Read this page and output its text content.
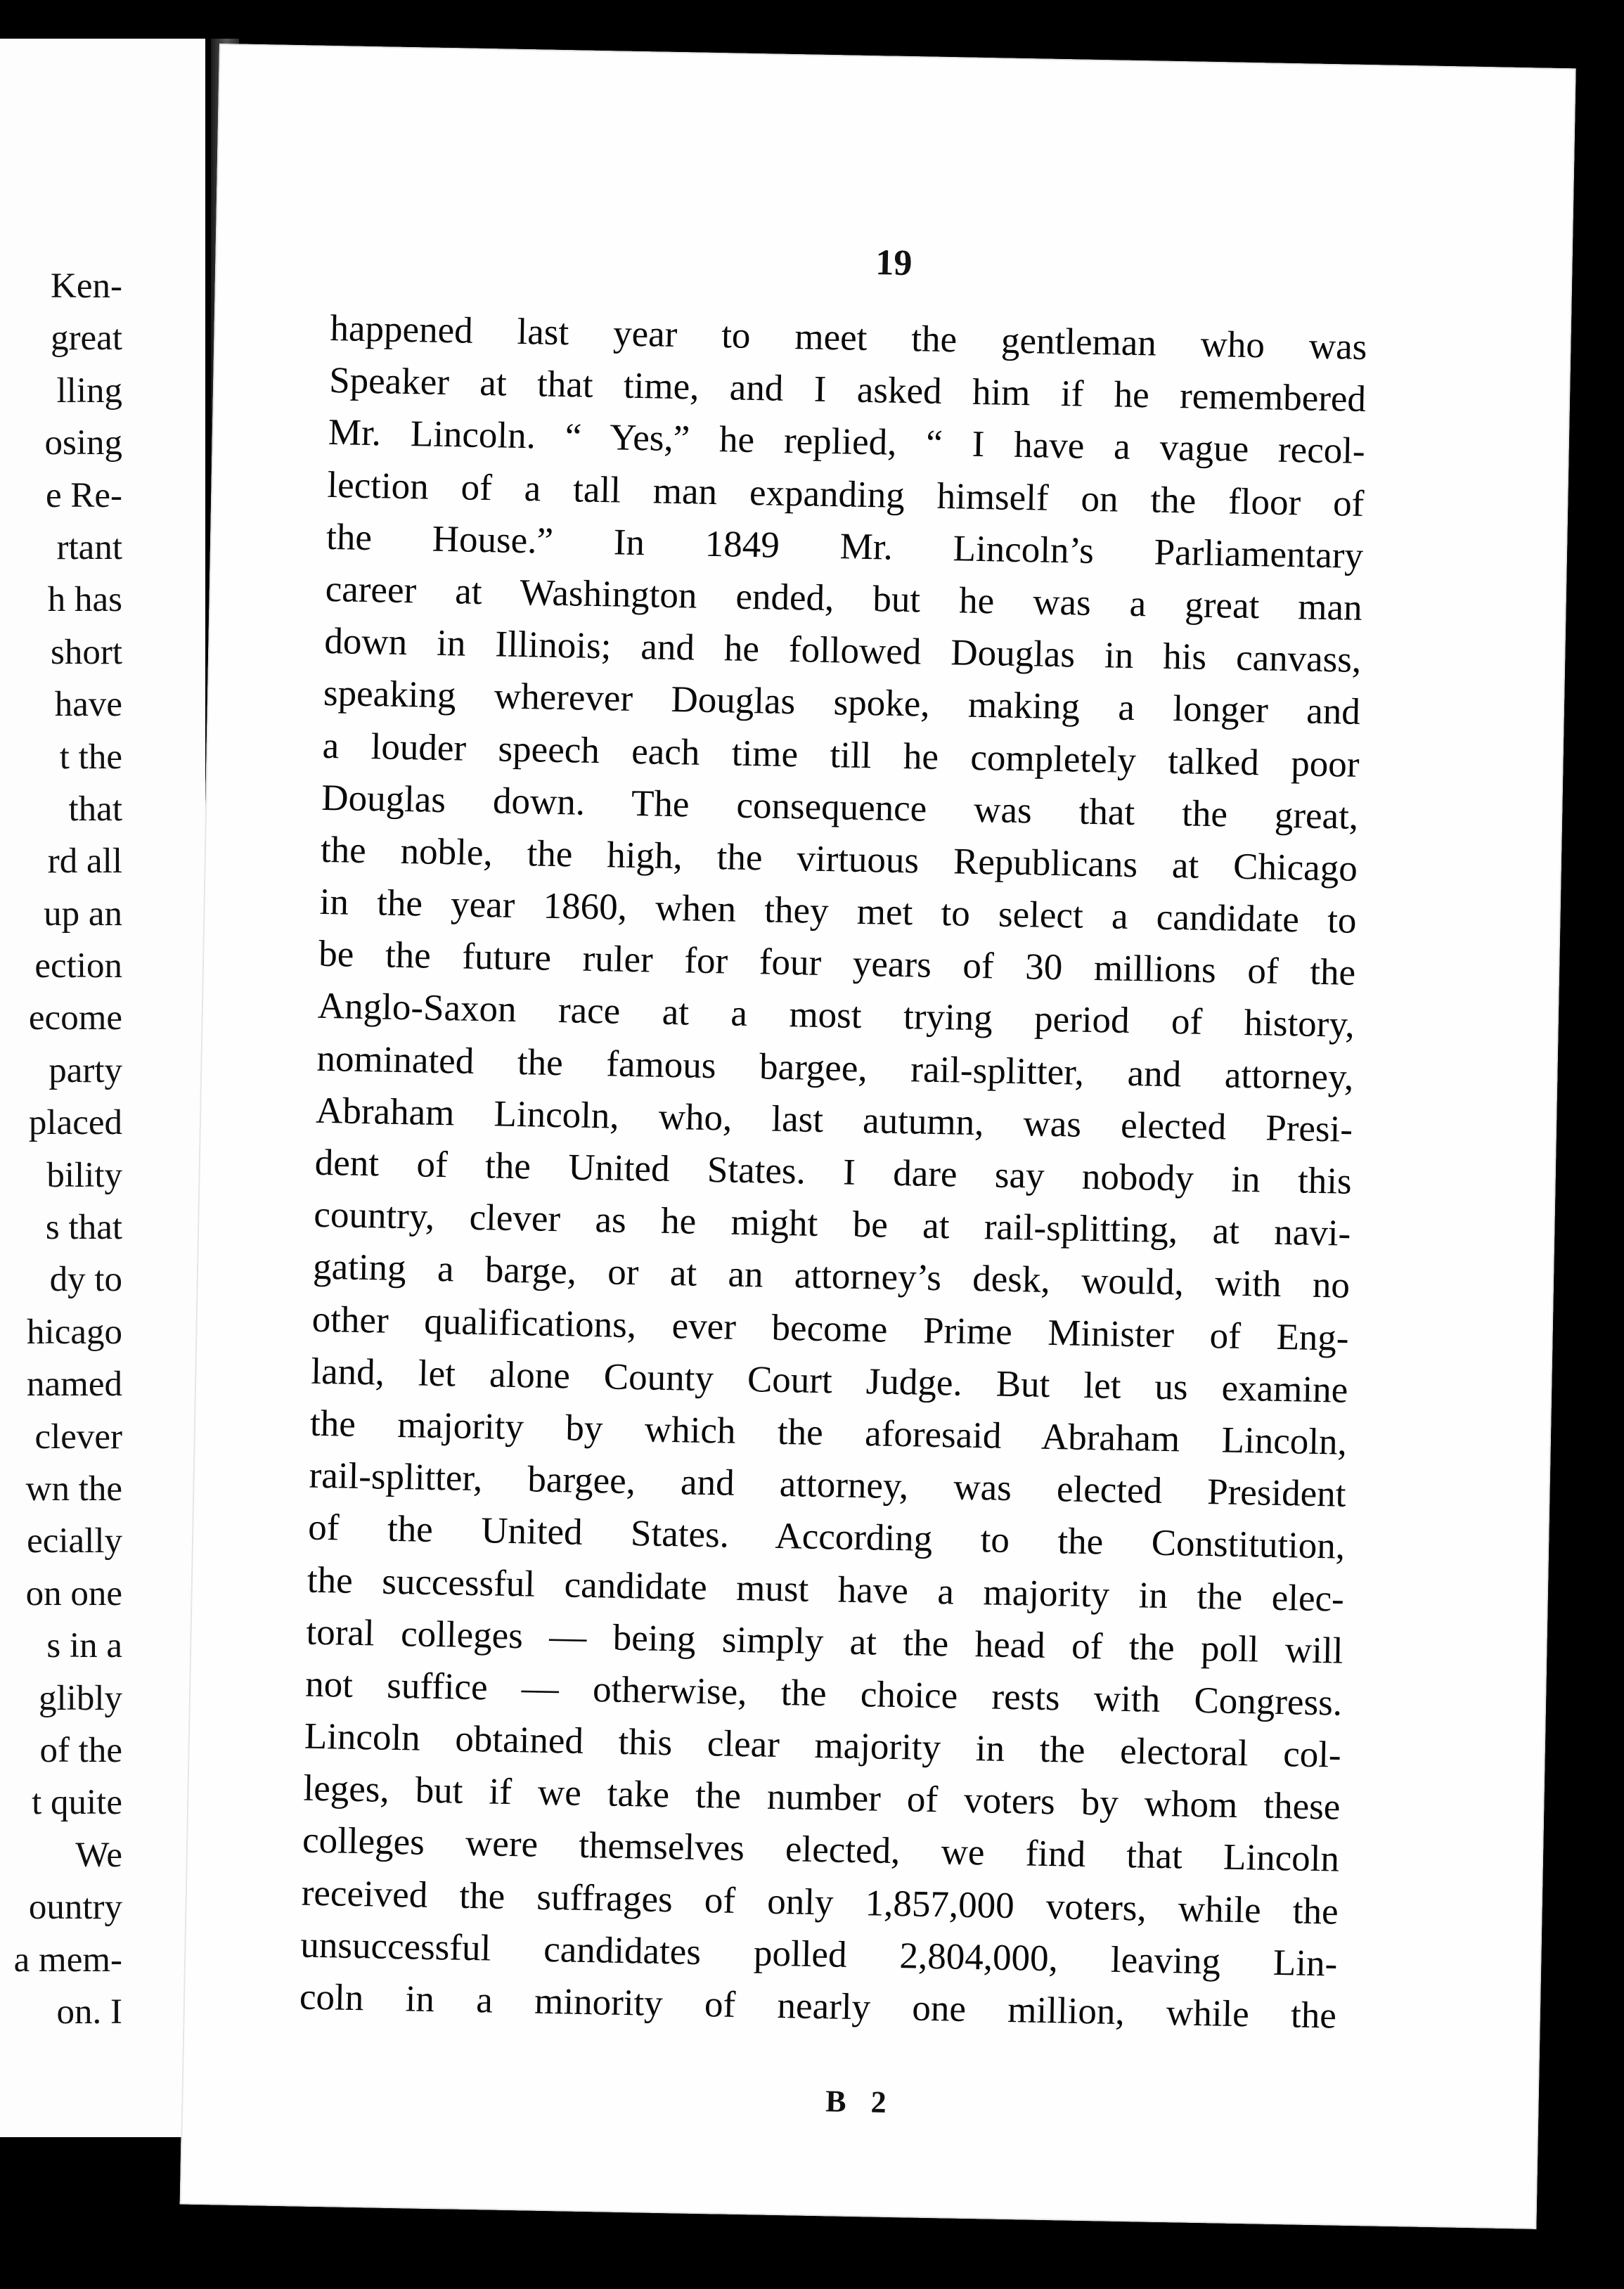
Ken-
great
lling
osing
e Re-
rtant
h has
short
have
t the
that
rd all
up an
ection
ecome
party
placed
bility
s that
dy to
hicago
named
clever
wn the
ecially
on one
s in a
glibly
of the
t quite
We
ountry
a mem-
on. I
19
happened last year to meet the gentleman who was
Speaker at that time, and I asked him if he remembered
Mr. Lincoln. “ Yes,” he replied, “ I have a vague recol-
lection of a tall man expanding himself on the floor of
the House.” In 1849 Mr. Lincoln’s Parliamentary
career at Washington ended, but he was a great man
down in Illinois; and he followed Douglas in his canvass,
speaking wherever Douglas spoke, making a longer and
a louder speech each time till he completely talked poor
Douglas down. The consequence was that the great,
the noble, the high, the virtuous Republicans at Chicago
in the year 1860, when they met to select a candidate to
be the future ruler for four years of 30 millions of the
Anglo-Saxon race at a most trying period of history,
nominated the famous bargee, rail-splitter, and attorney,
Abraham Lincoln, who, last autumn, was elected Presi-
dent of the United States. I dare say nobody in this
country, clever as he might be at rail-splitting, at navi-
gating a barge, or at an attorney’s desk, would, with no
other qualifications, ever become Prime Minister of Eng-
land, let alone County Court Judge. But let us examine
the majority by which the aforesaid Abraham Lincoln,
rail-splitter, bargee, and attorney, was elected President
of the United States. According to the Constitution,
the successful candidate must have a majority in the elec-
toral colleges — being simply at the head of the poll will
not suffice — otherwise, the choice rests with Congress.
Lincoln obtained this clear majority in the electoral col-
leges, but if we take the number of voters by whom these
colleges were themselves elected, we find that Lincoln
received the suffrages of only 1,857,000 voters, while the
unsuccessful candidates polled 2,804,000, leaving Lin-
coln in a minority of nearly one million, while the
B 2
